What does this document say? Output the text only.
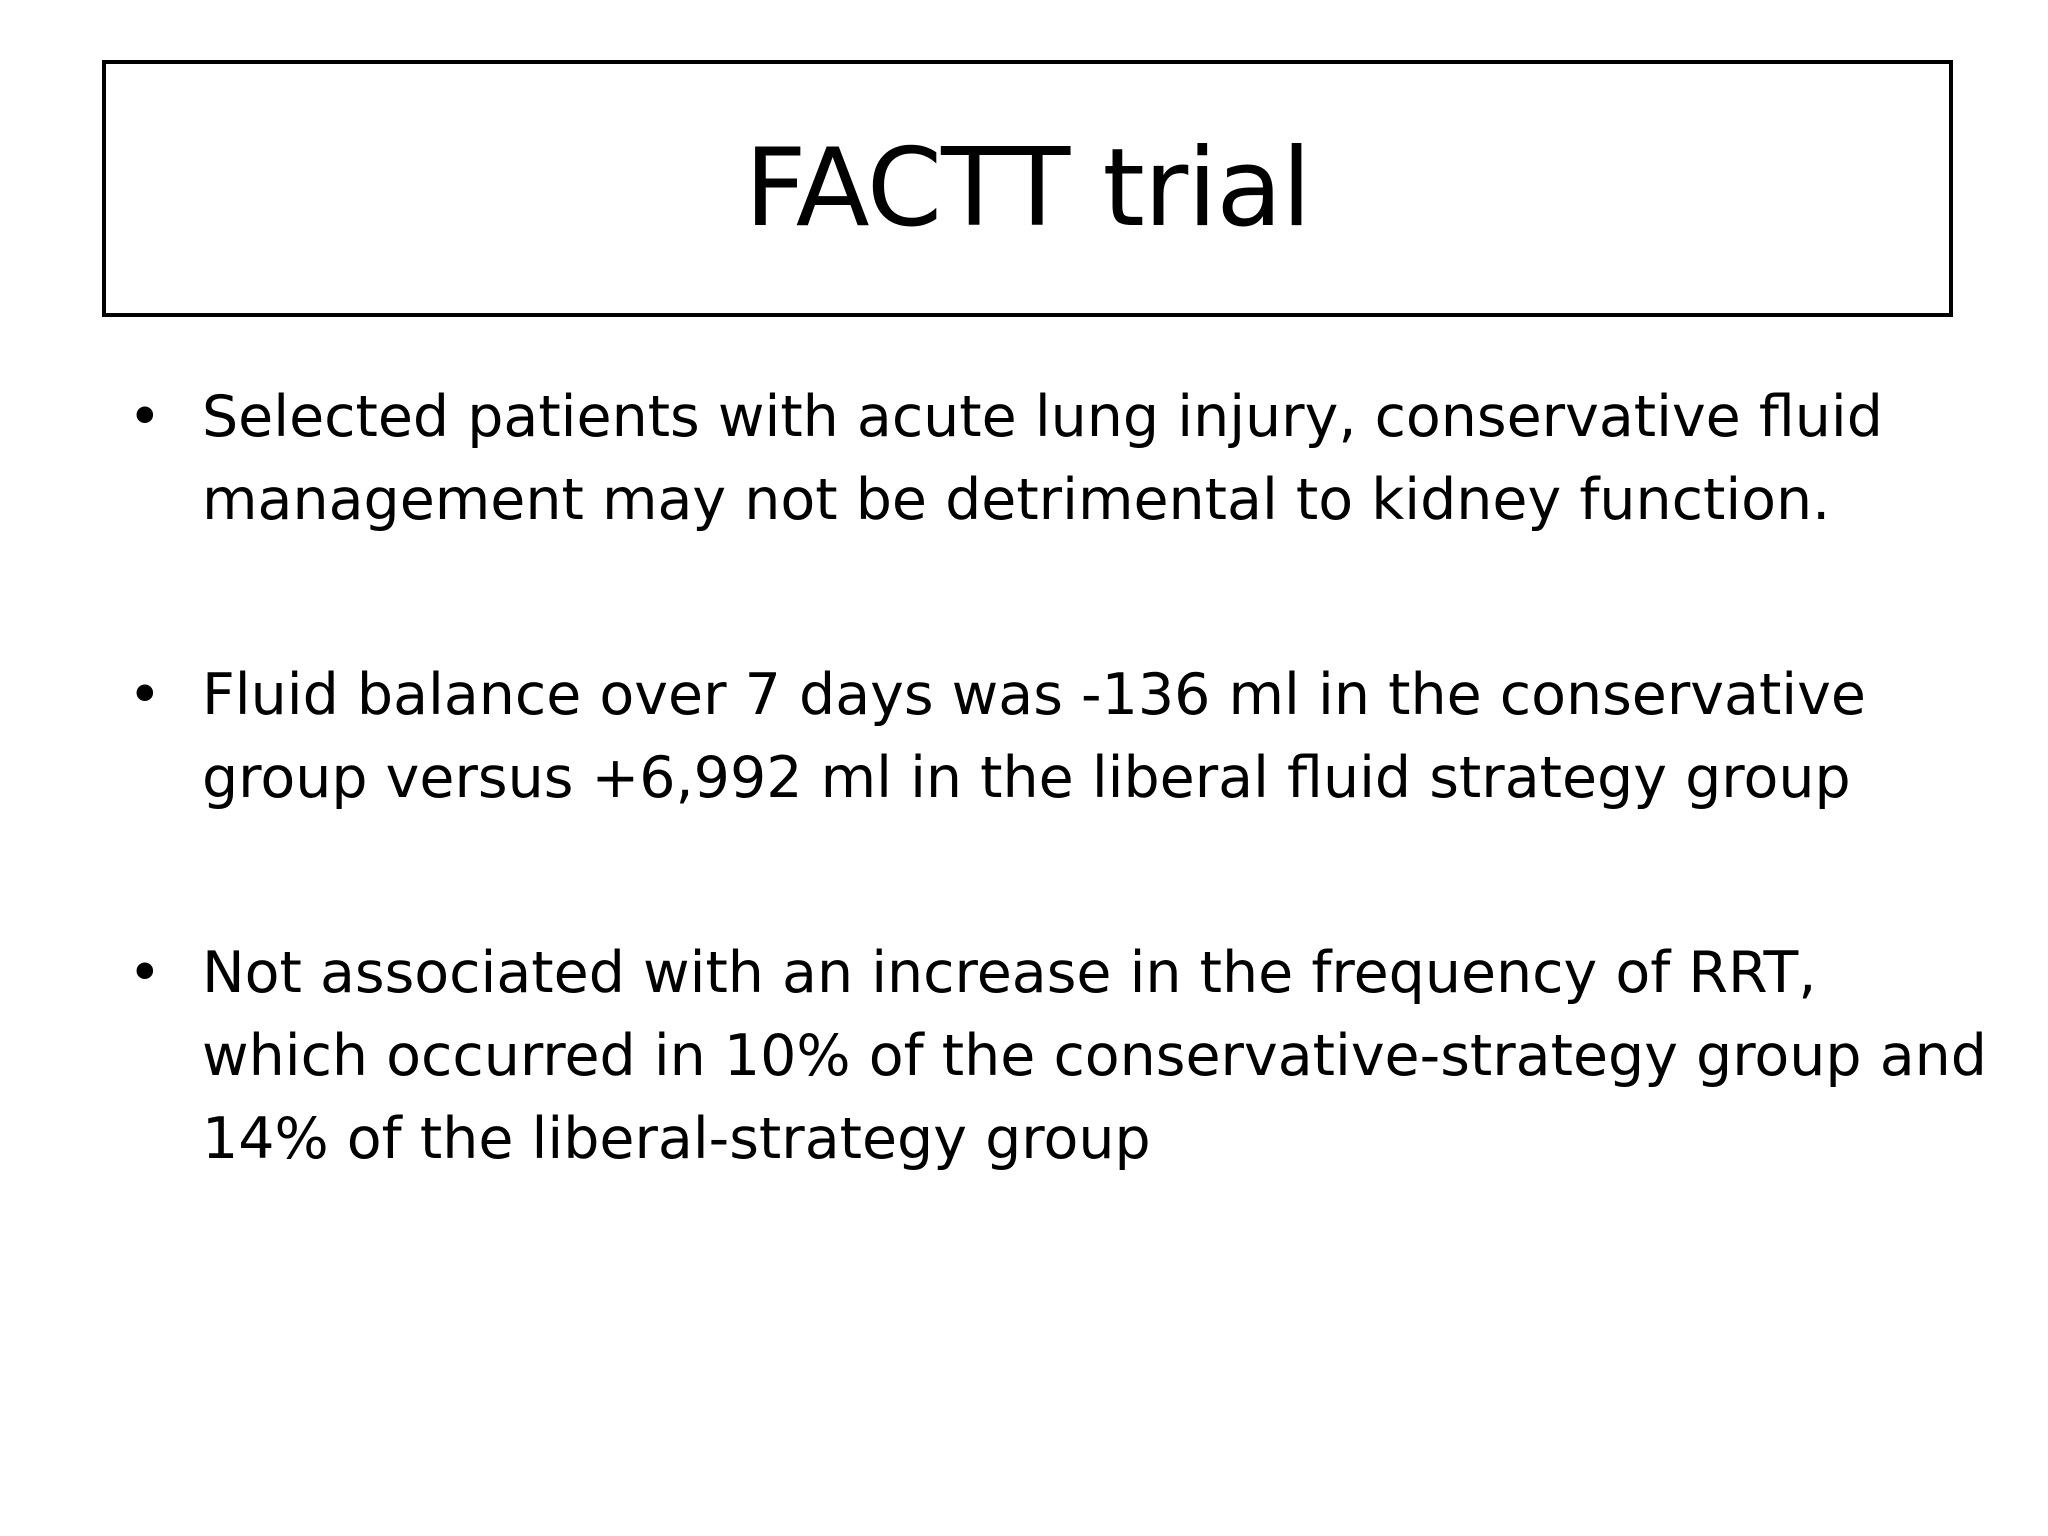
FACTT trial
• Selected patients with acute lung injury, conservative fluid
management may not be detrimental to kidney function.
• Fluid balance over 7 days was -136 ml in the conservative
group versus +6,992 ml in the liberal fluid strategy group
• Not associated with an increase in the frequency of RRT,
which occurred in 10% of the conservative-strategy group and
14% of the liberal-strategy group
